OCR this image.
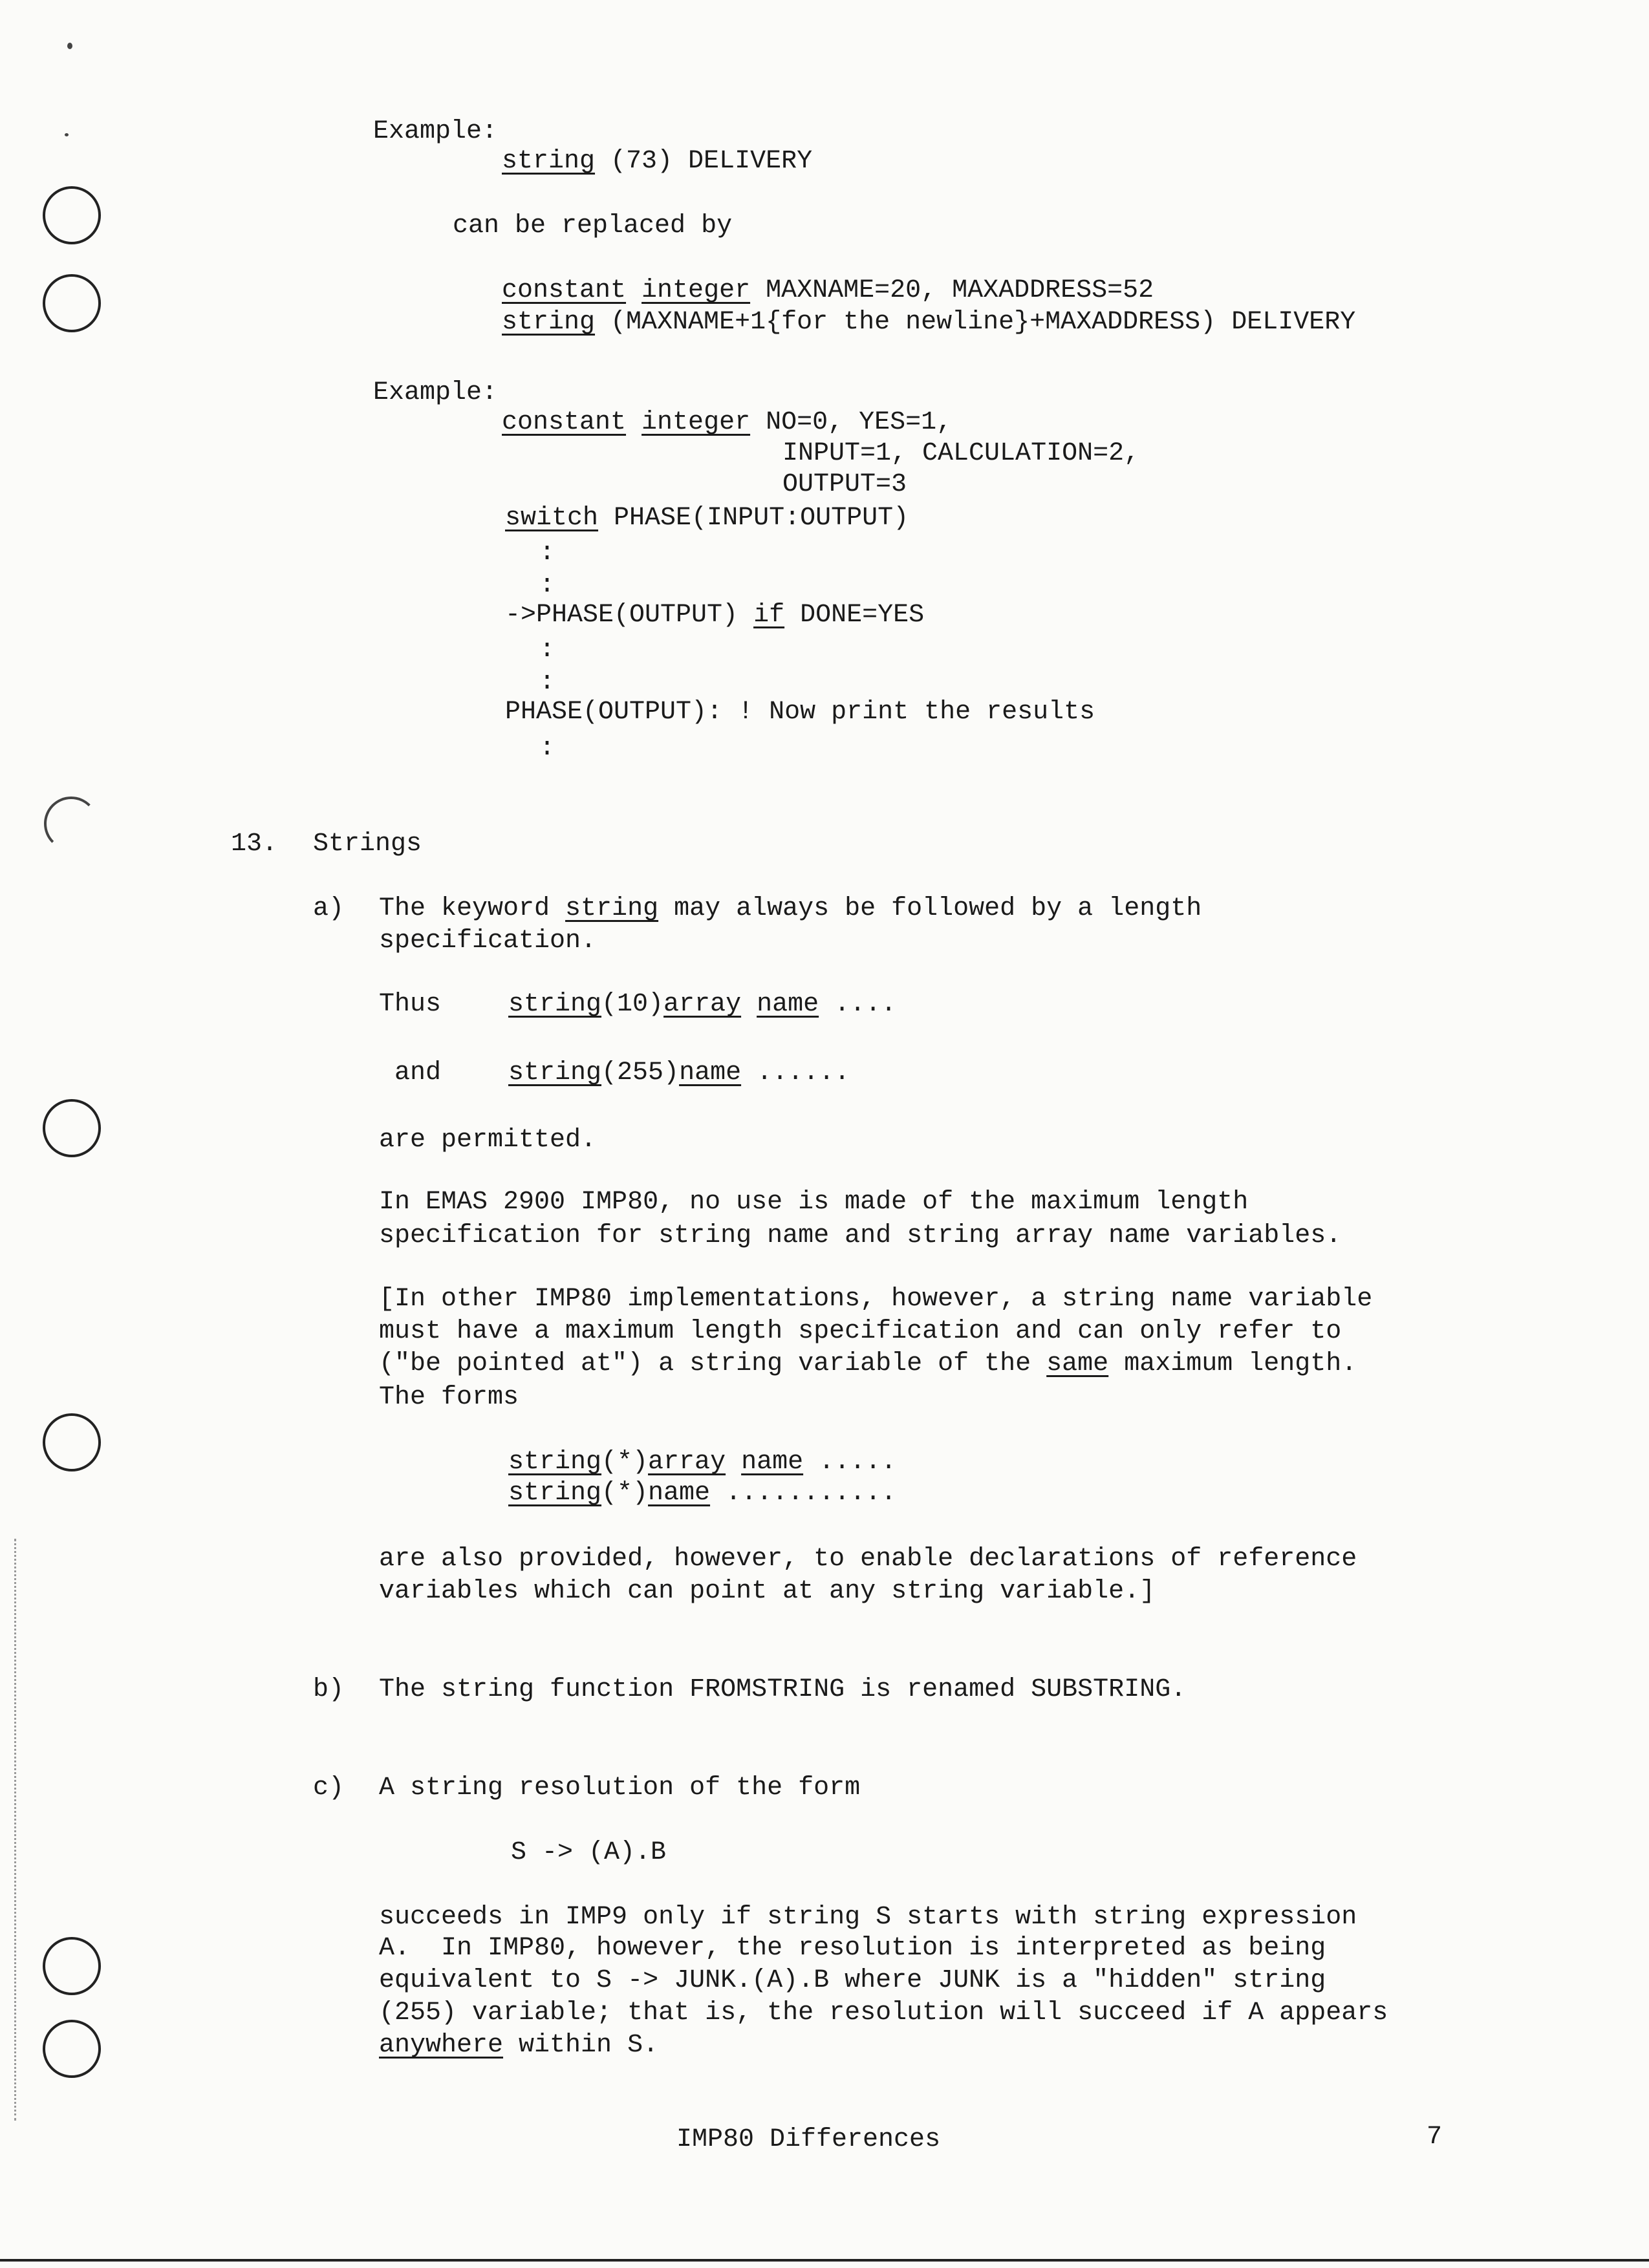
Example:
string (73) DELIVERY
can be replaced by
constant integer MAXNAME=20, MAXADDRESS=52
string (MAXNAME+1{for the newline}+MAXADDRESS) DELIVERY
Example:
constant integer NO=0, YES=1,
INPUT=1, CALCULATION=2,
OUTPUT=3
switch PHASE(INPUT:OUTPUT)
:
:
->PHASE(OUTPUT) if DONE=YES
:
:
PHASE(OUTPUT): ! Now print the results
:
13. Strings
a) The keyword string may always be followed by a length
specification.
Thus	string(10)array name ....
and	string(255)name ......
are permitted.
In EMAS 2900 IMP80, no use is made of the maximum length
specification for string name and string array name variables.
[In other IMP80 implementations, however, a string name variable
must have a maximum length specification and can only refer to
("be pointed at") a string variable of the same maximum length.
The forms
string(*)array name .....
string(*)name ...........
are also provided, however, to enable declarations of reference
variables which can point at any string variable.]
b) The string function FROMSTRING is renamed SUBSTRING.
c) A string resolution of the form
S -> (A).B
succeeds in IMP9 only if string S starts with string expression
A.  In IMP80, however, the resolution is interpreted as being
equivalent to S -> JUNK.(A).B where JUNK is a "hidden" string
(255) variable; that is, the resolution will succeed if A appears
anywhere within S.
IMP80 Differences	7
